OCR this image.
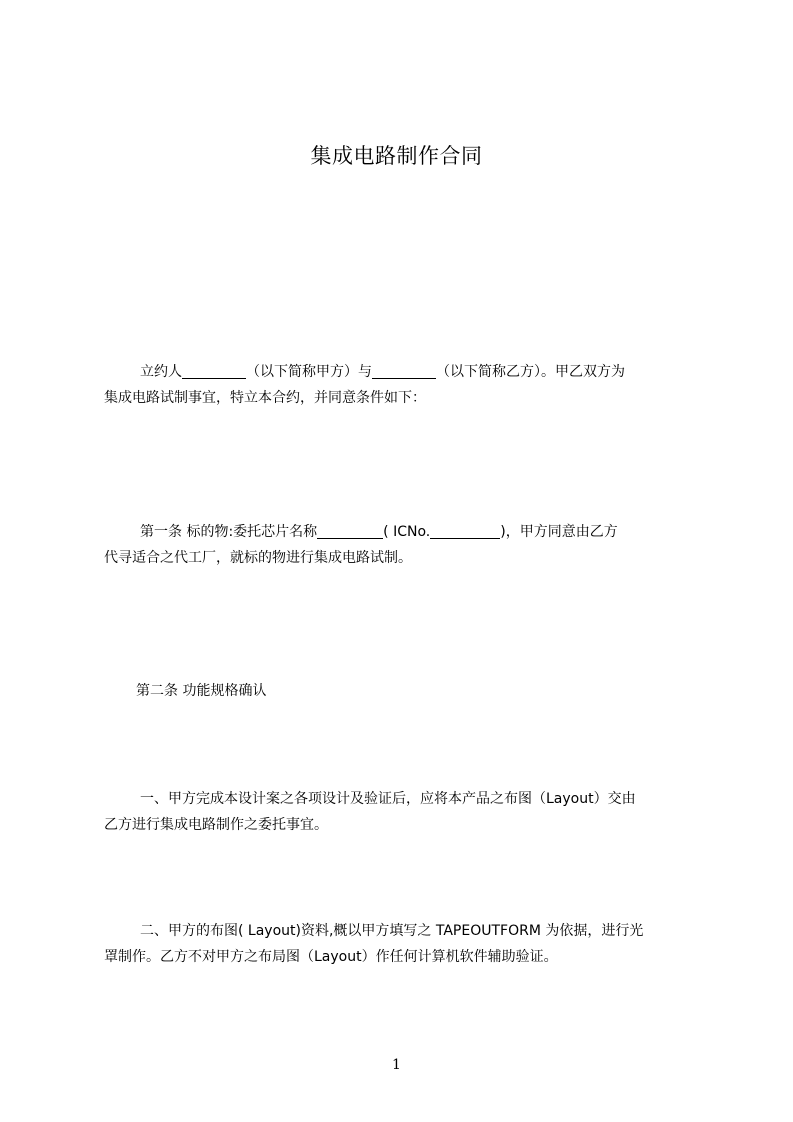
集成电路制作合同
立约人	（以下简称甲方）与	（以下简称乙方）。甲乙双方为
集成电路试制事宜，特立本合约，并同意条件如下：
第一条 标的物:委托芯片名称	( ICNo.	)，甲方同意由乙方
代寻适合之代工厂，就标的物进行集成电路试制。
第二条 功能规格确认
一、甲方完成本设计案之各项设计及验证后，应将本产品之布图（Layout）交由
乙方进行集成电路制作之委托事宜。
二、甲方的布图( Layout)资料,概以甲方填写之 TAPEOUTFORM 为依据，进行光
罩制作。乙方不对甲方之布局图（Layout）作任何计算机软件辅助验证。
1
